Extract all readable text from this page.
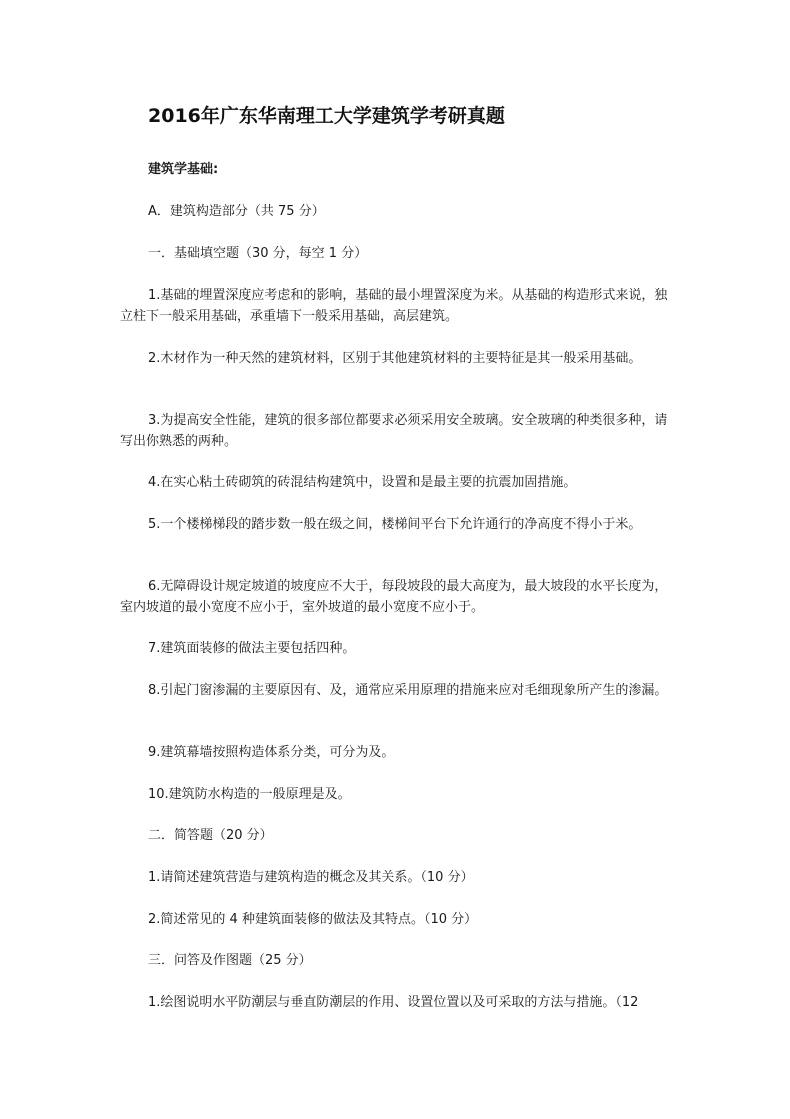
2016年广东华南理工大学建筑学考研真题
建筑学基础:
A．建筑构造部分（共 75 分）
一．基础填空题（30 分，每空 1 分）
1.基础的埋置深度应考虑和的影响，基础的最小埋置深度为米。从基础的构造形式来说，独立柱下一般采用基础，承重墙下一般采用基础，高层建筑。
2.木材作为一种天然的建筑材料，区别于其他建筑材料的主要特征是其一般采用基础。
3.为提高安全性能，建筑的很多部位都要求必须采用安全玻璃。安全玻璃的种类很多种，请写出你熟悉的两种。
4.在实心粘土砖砌筑的砖混结构建筑中，设置和是最主要的抗震加固措施。
5.一个楼梯梯段的踏步数一般在级之间，楼梯间平台下允许通行的净高度不得小于米。
6.无障碍设计规定坡道的坡度应不大于，每段坡段的最大高度为，最大坡段的水平长度为，室内坡道的最小宽度不应小于，室外坡道的最小宽度不应小于。
7.建筑面装修的做法主要包括四种。
8.引起门窗渗漏的主要原因有、及，通常应采用原理的措施来应对毛细现象所产生的渗漏。
9.建筑幕墙按照构造体系分类，可分为及。
10.建筑防水构造的一般原理是及。
二．简答题（20 分）
1.请简述建筑营造与建筑构造的概念及其关系。（10 分）
2.简述常见的 4 种建筑面装修的做法及其特点。（10 分）
三．问答及作图题（25 分）
1.绘图说明水平防潮层与垂直防潮层的作用、设置位置以及可采取的方法与措施。（12
